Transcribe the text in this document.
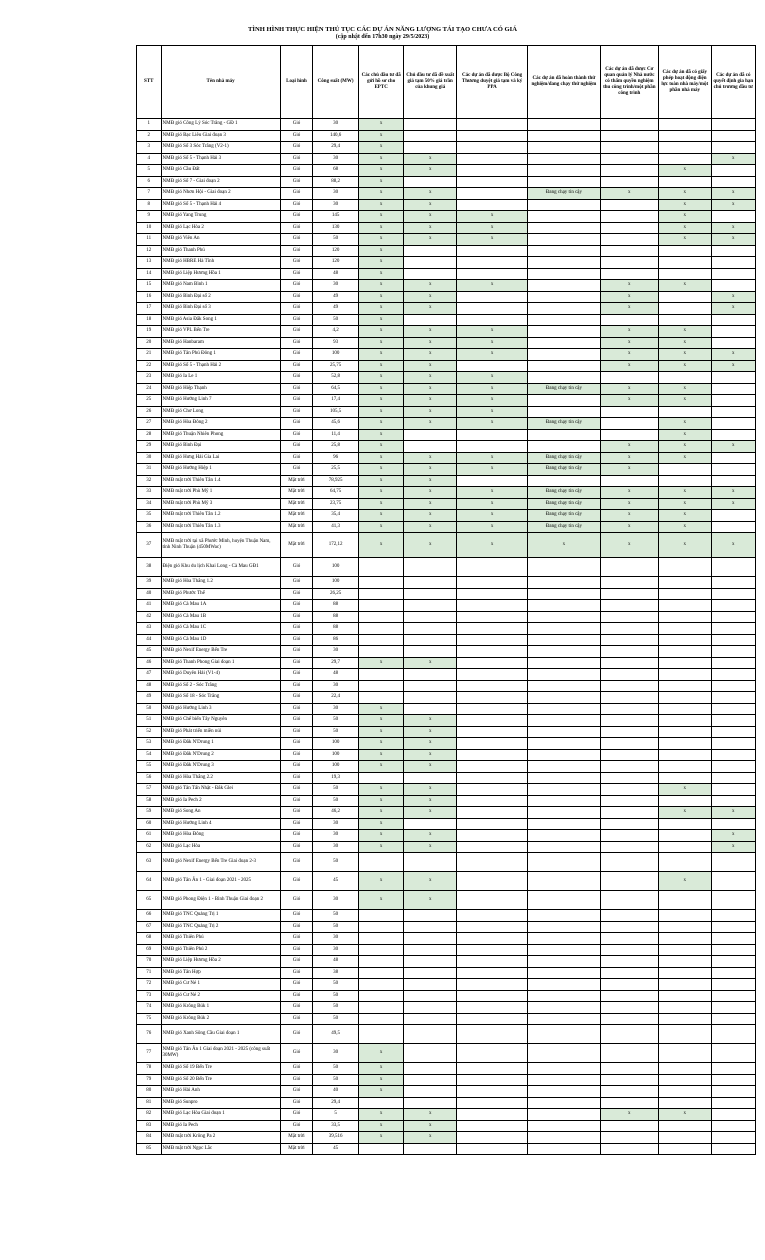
TÌNH HÌNH THỰC HIỆN THỦ TỤC CÁC DỰ ÁN NĂNG LƯỢNG TÁI TẠO CHƯA CÓ GIÁ
(cập nhật đến 17h30 ngày 29/5/2023)
STT	Tên nhà máy	Loại hình	Công suất (MW)	Các chủ đầu tư đã gửi hồ sơ cho EPTC	Chủ đầu tư đã đề xuất giá tạm 50% giá trần của khung giá	Các dự án đã được Bộ Công Thương duyệt giá tạm và ký PPA	Các dự án đã hoàn thành thử nghiệm/đang chạy thử nghiệm	Các dự án đã được Cơ quan quản lý Nhà nước có thẩm quyền nghiệm thu công trình/một phần công trình	Các dự án đã có giấy phép hoạt động điện lực toàn nhà máy/một phần nhà máy	Các dự án đã có quyết định gia hạn chủ trương đầu tư
1	NMĐ gió Công Lý Sóc Trăng - GĐ 1	Gió	30	x						
2	NMĐ gió Bạc Liêu Giai đoạn 3	Gió	140,6	x						
3	NMĐ gió Số 3 Sóc Trăng (V2-1)	Gió	29,4	x						
4	NMĐ gió Số 5 - Thạnh Hải 3	Gió	30	x	x					x
5	NMĐ gió Cầu Đất	Gió	68	x	x				x	
6	NMĐ gió Số 7 - Giai đoạn 2	Gió	88,2	x						
7	NMĐ gió Nhơn Hội - Giai đoạn 2	Gió	30	x	x		Đang chạy tin cậy	x	x	x
8	NMĐ gió Số 5 - Thạnh Hải 4	Gió	30	x	x				x	x
9	NMĐ gió Yang Trung	Gió	145	x	x	x			x	
10	NMĐ gió Lạc Hòa 2	Gió	130	x	x	x			x	x
11	NMĐ gió Viên An	Gió	50	x	x	x			x	x
12	NMĐ gió Thanh Phú	Gió	120	x						
13	NMĐ gió HBRE Hà Tĩnh	Gió	120	x						
14	NMĐ gió Liệp Hương Hồa 1	Gió	48	x						
15	NMĐ gió Nam Bình 1	Gió	30	x	x	x		x	x	
16	NMĐ gió Bình Đại số 2	Gió	49	x	x			x		x
17	NMĐ gió Bình Đại số 3	Gió	49	x	x			x		x
18	NMĐ gió Asia Đắk Song 1	Gió	50	x						
19	NMĐ gió VPL Bến Tre	Gió	4,2	x	x	x		x	x	
20	NMĐ gió Hanbaram	Gió	93	x	x	x		x	x	
21	NMĐ gió Tân Phú Đông 1	Gió	100	x	x	x		x	x	x
22	NMĐ gió Số 5 - Thạnh Hải 2	Gió	25,75	x	x			x	x	x
23	NMĐ gió Ia Le 1	Gió	52,8	x	x	x				
24	NMĐ gió Hiệp Thạnh	Gió	64,5	x	x	x	Đang chạy tin cậy	x	x	
25	NMĐ gió Hướng Linh 7	Gió	17,4	x	x	x		x	x	
26	NMĐ gió Chơ Long	Gió	105,5	x	x	x				
27	NMĐ gió Hòa Đông 2	Gió	45,6	x	x	x	Đang chạy tin cậy		x	
28	NMĐ gió Thuận Nhiên Phong	Gió	11,4	x					x	
29	NMĐ gió Bình Đại	Gió	25,8	x				x	x	x
30	NMĐ gió Hưng Hải Gia Lai	Gió	96	x	x	x	Đang chạy tin cậy	x	x	
31	NMĐ gió Hướng Hiệp 1	Gió	25,5	x	x	x	Đang chạy tin cậy	x		
32	NMĐ mặt trời Thiên Tân 1.4	Mặt trời	78,925	x	x					
33	NMĐ mặt trời Phù Mỹ 1	Mặt trời	64,75	x	x	x	Đang chạy tin cậy	x	x	x
34	NMĐ mặt trời Phù Mỹ 3	Mặt trời	23,75	x	x	x	Đang chạy tin cậy	x	x	x
35	NMĐ mặt trời Thiên Tân 1.2	Mặt trời	35,4	x	x	x	Đang chạy tin cậy	x	x	
36	NMĐ mặt trời Thiên Tân 1.3	Mặt trời	41,3	x	x	x	Đang chạy tin cậy	x	x	
37	NMĐ mặt trời tại xã Phước Minh, huyện Thuận Nam, tỉnh Ninh Thuận (450MWac)	Mặt trời	172,12	x	x	x	x	x	x	x
38	Điện gió Khu du lịch Khai Long - Cà Mau GĐ1	Gió	100							
39	NMĐ gió Hòa Thắng 1.2	Gió	100							
40	NMĐ gió Phước Thể	Gió	26,25							
41	NMĐ gió Cà Mau 1A	Gió	88							
42	NMĐ gió Cà Mau 1B	Gió	88							
43	NMĐ gió Cà Mau 1C	Gió	88							
44	NMĐ gió Cà Mau 1D	Gió	86							
45	NMĐ gió Nexif Energy Bến Tre	Gió	30							
46	NMĐ gió Thanh Phong Giai đoạn 1	Gió	29,7	x	x					
47	NMĐ gió Duyên Hải (V1-4)	Gió	48							
48	NMĐ gió Số 2 - Sóc Trăng	Gió	30							
49	NMĐ gió Số 18 - Sóc Trăng	Gió	22,4							
50	NMĐ gió Hướng Linh 3	Gió	30	x						
51	NMĐ gió Chế biến Tây Nguyên	Gió	50	x	x					
52	NMĐ gió Phát triển miền núi	Gió	50	x	x					
53	NMĐ gió Đăk N'Drung 1	Gió	100	x	x					
54	NMĐ gió Đăk N'Drung 2	Gió	100	x	x					
55	NMĐ gió Đăk N'Drung 3	Gió	100	x	x					
56	NMĐ gió Hòa Thắng 2.2	Gió	19,3							
57	NMĐ gió Tân Tấn Nhật - Đăk Glei	Gió	50	x	x				x	
58	NMĐ gió Ia Pech 2	Gió	50	x	x					
59	NMĐ gió Song An	Gió	46,2	x	x				x	x
60	NMĐ gió Hướng Linh 4	Gió	30	x						
61	NMĐ gió Hòa Đông	Gió	30	x	x					x
62	NMĐ gió Lạc Hòa	Gió	30	x	x					x
63	NMĐ gió Nexif Energy Bến Tre Giai đoạn 2-3	Gió	50							
64	NMĐ gió Tân Ân 1 - Giai đoạn 2021 - 2025	Gió	45	x	x				x	
65	NMĐ gió Phong Điện 1 - Bình Thuận Giai đoạn 2	Gió	30	x	x					
66	NMĐ gió TNC Quảng Trị 1	Gió	50							
67	NMĐ gió TNC Quảng Trị 2	Gió	50							
68	NMĐ gió Thiên Phú	Gió	30							
69	NMĐ gió Thiên Phú 2	Gió	30							
70	NMĐ gió Liệp Hương Hồa 2	Gió	48							
71	NMĐ gió Tân Hợp	Gió	38							
72	NMĐ gió Cư Né 1	Gió	50							
73	NMĐ gió Cư Né 2	Gió	50							
74	NMĐ gió Krông Búk 1	Gió	50							
75	NMĐ gió Krông Búk 2	Gió	50							
76	NMĐ gió Xanh Sông Cầu Giai đoạn 1	Gió	49,5							
77	NMĐ gió Tân Ân 1 Giai đoạn 2021 - 2025 (công suất 30MW)	Gió	30	x						
78	NMĐ gió Số 19 Bến Tre	Gió	50	x						
79	NMĐ gió Số 20 Bến Tre	Gió	50	x						
80	NMĐ gió Hải Anh	Gió	40	x						
81	NMĐ gió Sunpro	Gió	29,4							
82	NMĐ gió Lạc Hòa Giai đoạn 1	Gió	5	x	x			x	x	
83	NMĐ gió Ia Pech	Gió	33,5	x	x					
84	NMĐ mặt trời Krông Pa 2	Mặt trời	39,516	x	x					
85	NMĐ mặt trời Ngọc Lắc	Mặt trời	45							
